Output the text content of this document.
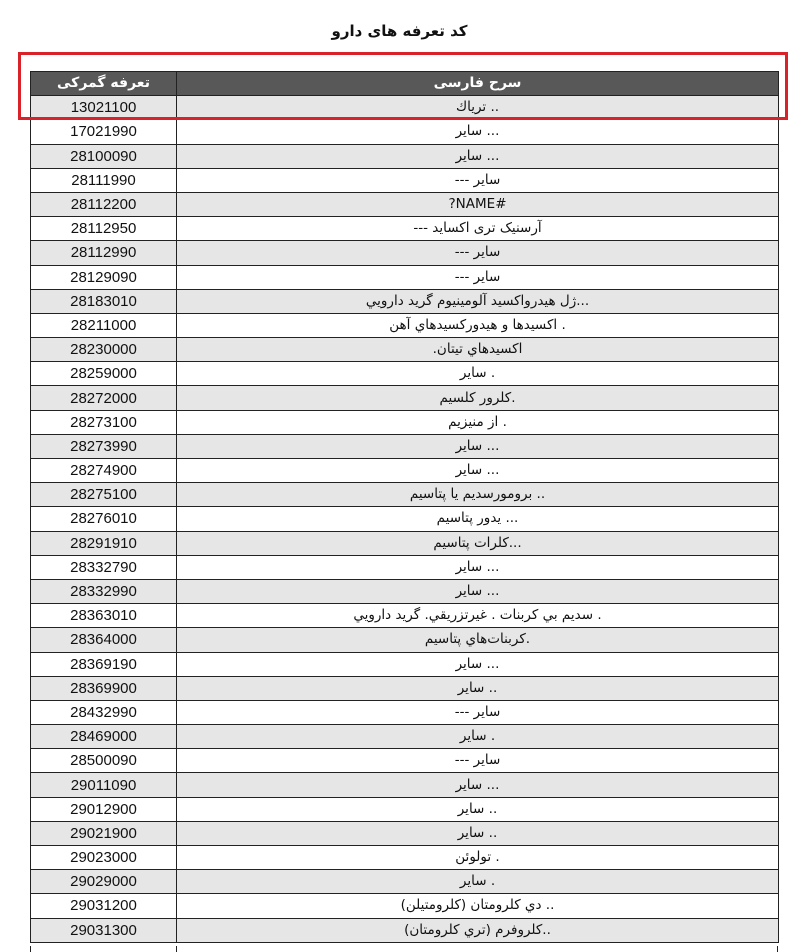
کد تعرفه های دارو
تعرفه گمرکی	سرح فارسی
13021100	.. تریاك
17021990	... ساير
28100090	... ساير
28111990	ساير ---
28112200	#NAME?
28112950	آرسنیک تری اکساید ---
28112990	ساير ---
28129090	ساير ---
28183010	...ژل هيدرواكسيد آلومينيوم گريد دارويي
28211000	. اكسيدها و هيدوركسيدهاي آهن
28230000	اكسيدهاي تيتان.
28259000	. ساير
28272000	.كلرور كلسيم
28273100	. از منيزيم
28273990	... ساير
28274900	... ساير
28275100	.. برومورسديم يا پتاسيم
28276010	... يدور پتاسيم
28291910	...كلرات پتاسيم
28332790	... ساير
28332990	... ساير
28363010	. سديم بي كربنات . غيرتزريقي. گريد دارويي
28364000	.كربنات‌هاي پتاسيم
28369190	... ساير
28369900	.. ساير
28432990	ساير ---
28469000	. ساير
28500090	ساير ---
29011090	... ساير
29012900	.. ساير
29021900	.. ساير
29023000	. تولوئن
29029000	. ساير
29031200	.. دي كلرومتان (كلرومتيلن)
29031300	..كلروفرم (تري كلرومتان)
